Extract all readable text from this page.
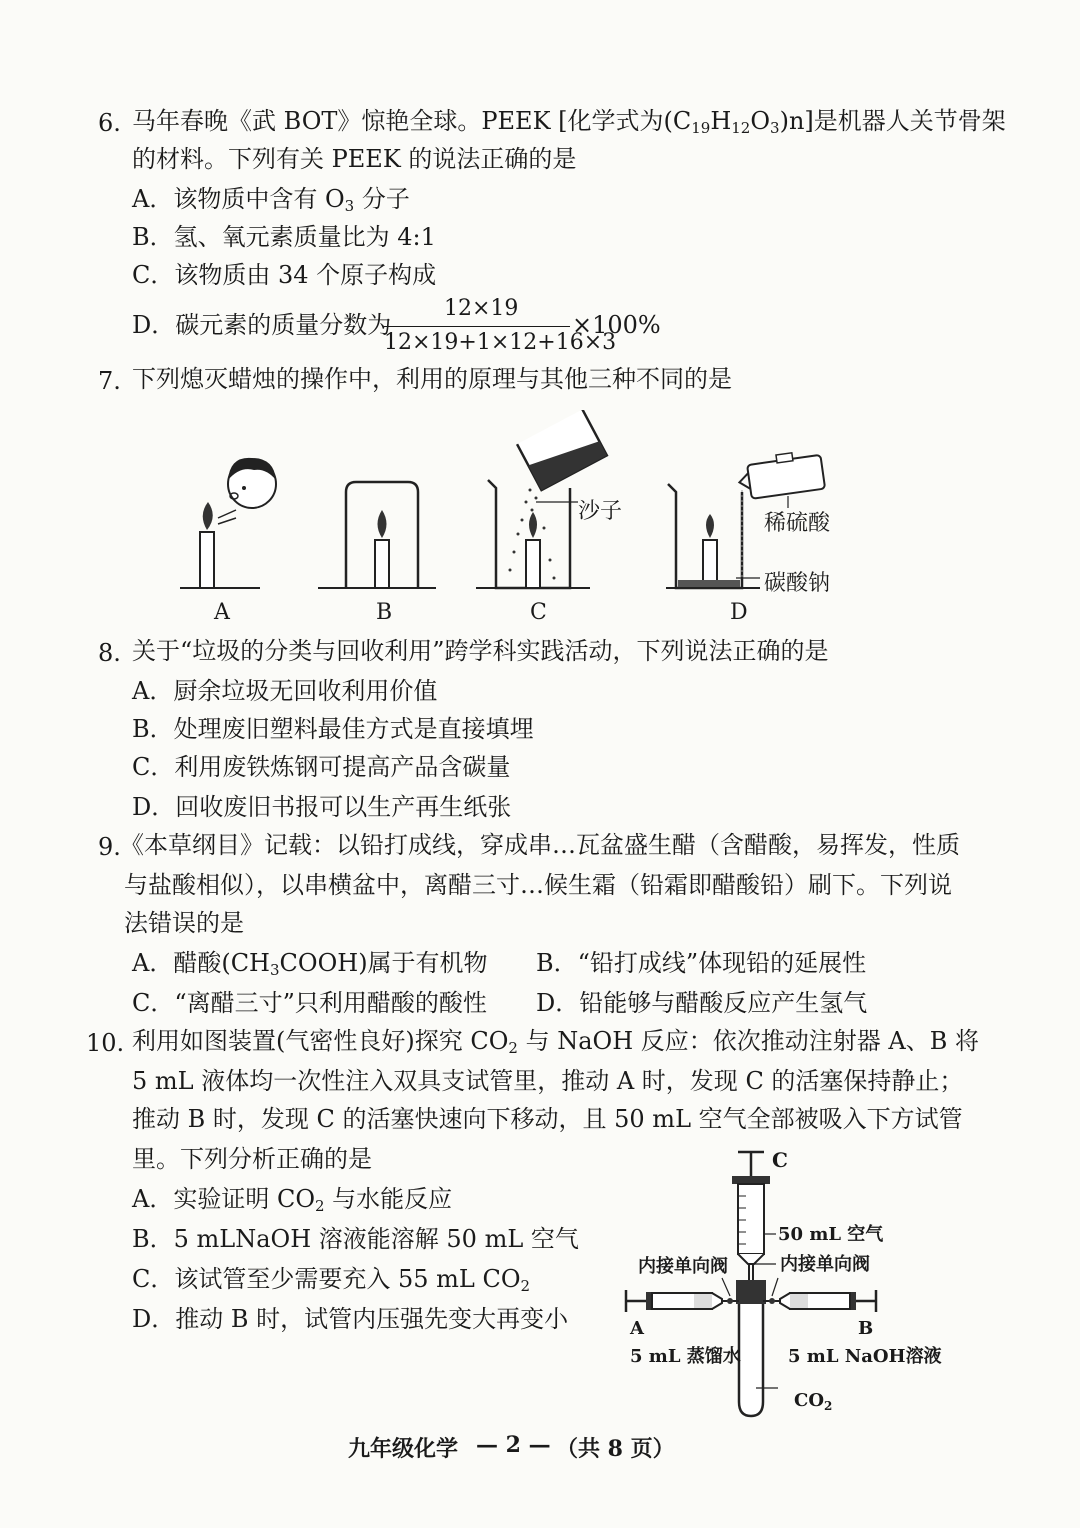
6. 马年春晚《武 BOT》惊艳全球。PEEK [化学式为$(C_{19}H_{12}O_3)n$]是机器人关节骨架
的材料。下列有关 PEEK 的说法正确的是
A．该物质中含有 $O_3$ 分子
B．氢、氧元素质量比为 4:1
C．该物质由 34 个原子构成
D．碳元素的质量分数为
12×19
12×19+1×12+16×3
×100%
7. 下列熄灭蜡烛的操作中，利用的原理与其他三种不同的是
沙子	稀硫酸
碳酸钠
A	B	C	D
8. 关于“垃圾的分类与回收利用”跨学科实践活动，下列说法正确的是
A．厨余垃圾无回收利用价值
B．处理废旧塑料最佳方式是直接填埋
C．利用废铁炼钢可提高产品含碳量
D．回收废旧书报可以生产再生纸张
9. 《本草纲目》记载：以铅打成线，穿成串…瓦盆盛生醋（含醋酸，易挥发，性质
与盐酸相似），以串横盆中，离醋三寸…候生霜（铅霜即醋酸铅）刷下。下列说
法错误的是
A．醋酸$(CH_3COOH)$属于有机物 B．“铅打成线”体现铅的延展性
C．“离醋三寸”只利用醋酸的酸性 D．铅能够与醋酸反应产生氢气
10. 利用如图装置(气密性良好)探究 $CO_2$ 与 NaOH 反应：依次推动注射器 A、B 将
5 mL 液体均一次性注入双具支试管里，推动 A 时，发现 C 的活塞保持静止；
推动 B 时，发现 C 的活塞快速向下移动，且 50 mL 空气全部被吸入下方试管
里。下列分析正确的是
A．实验证明 $CO_2$ 与水能反应
B．5 mLNaOH 溶液能溶解 50 mL 空气
C．该试管至少需要充入 55 mL $CO_2$
D．推动 B 时，试管内压强先变大再变小
C
50 mL 空气
内接单向阀	内接单向阀
A	B
5 mL 蒸馏水	5 mL NaOH溶液
$CO_2$
九年级化学 — 2 — （共 8 页）
